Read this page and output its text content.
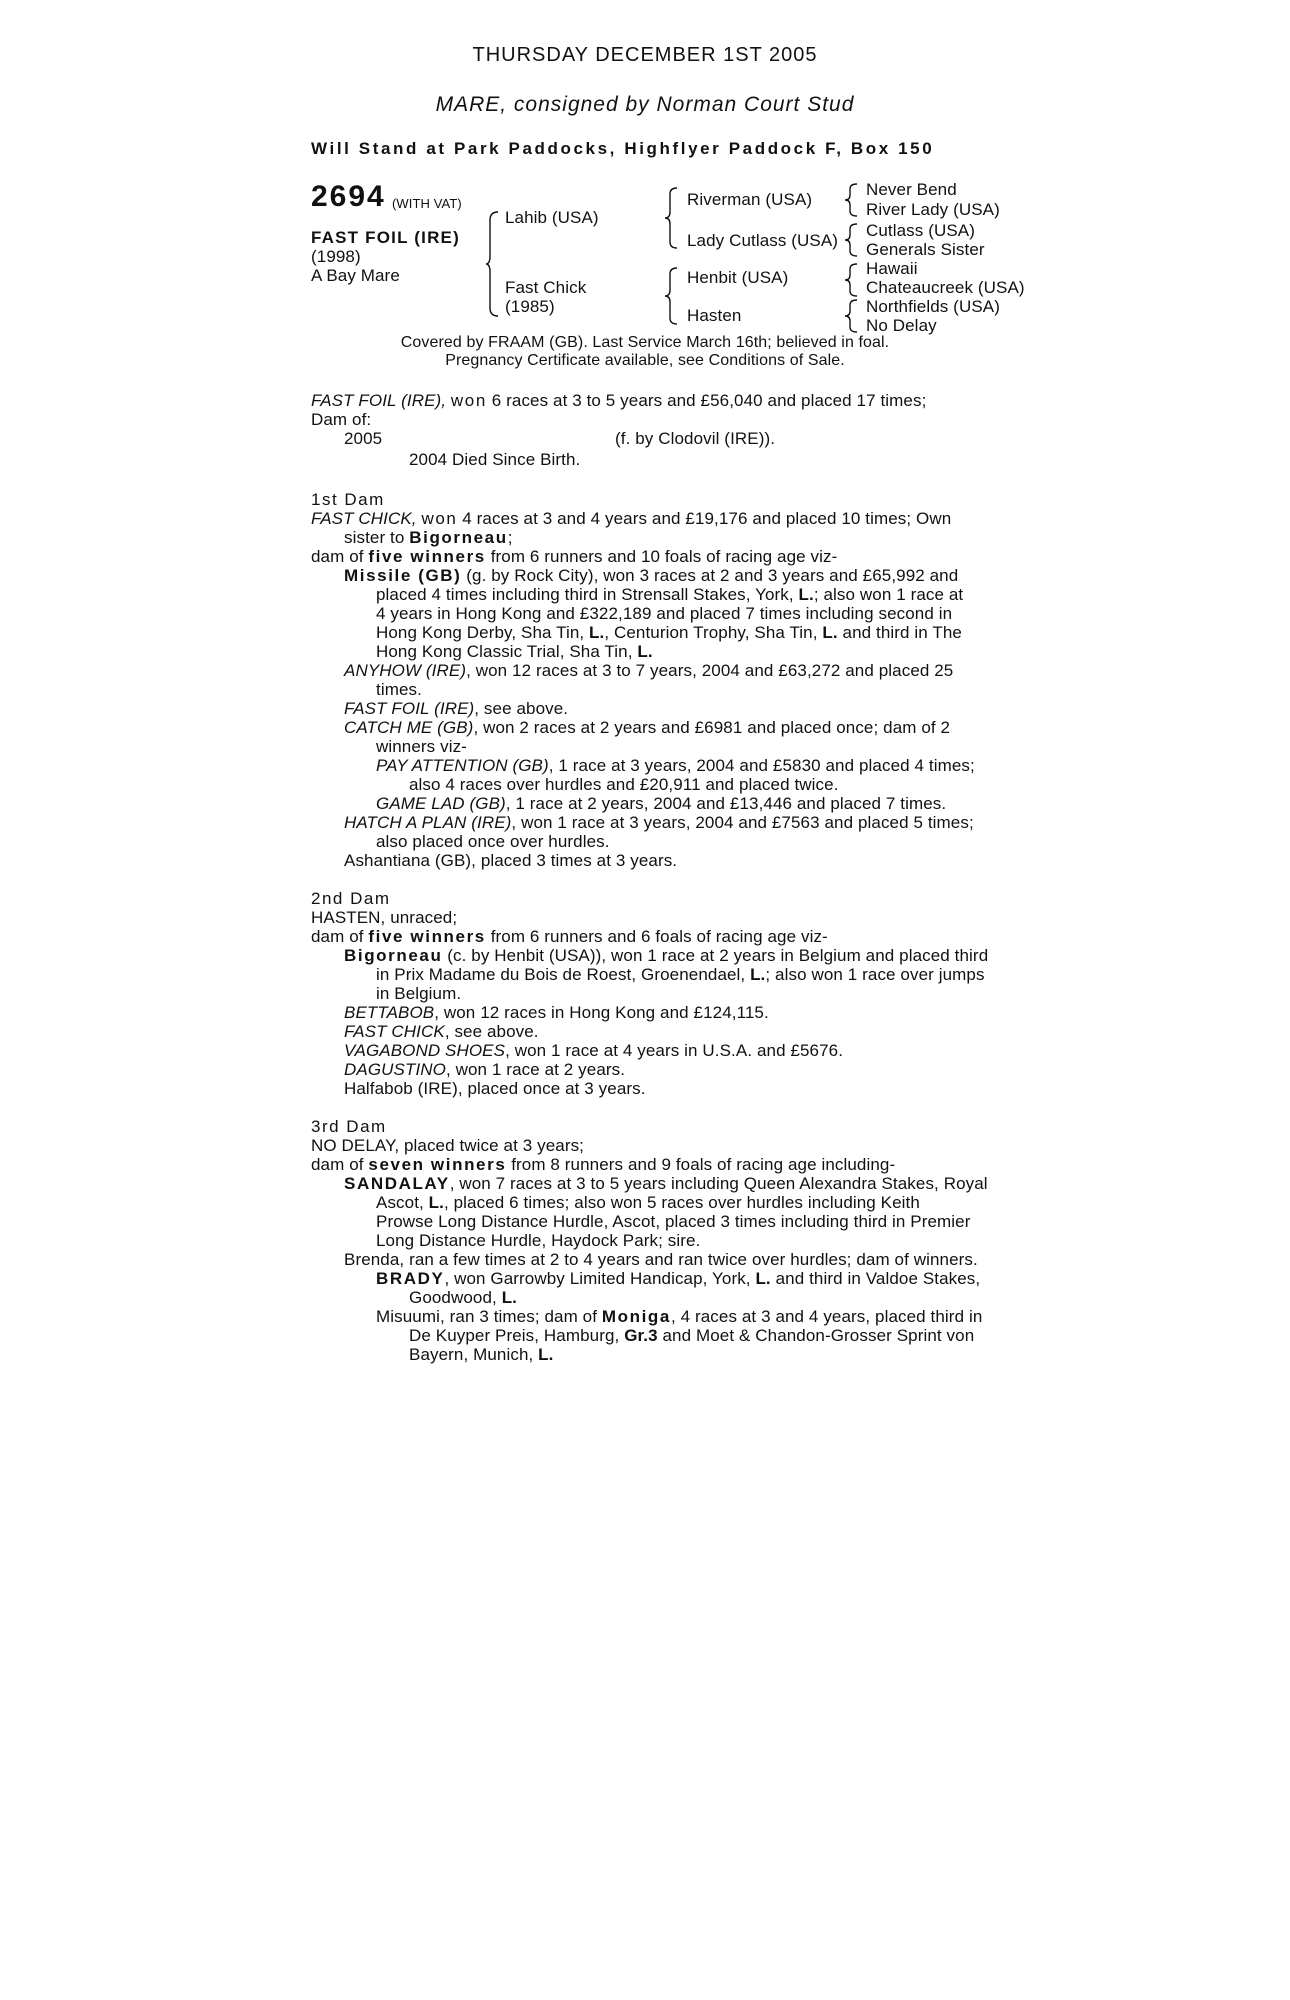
THURSDAY DECEMBER 1ST 2005
MARE, consigned by Norman Court Stud
Will Stand at Park Paddocks, Highflyer Paddock F, Box 150
2694 (WITH VAT)
FAST FOIL (IRE)
(1998)
A Bay Mare
Lahib (USA)
Fast Chick
(1985)
Riverman (USA)
Lady Cutlass (USA)
Henbit (USA)
Hasten
Never Bend
River Lady (USA)
Cutlass (USA)
Generals Sister
Hawaii
Chateaucreek (USA)
Northfields (USA)
No Delay
Covered by FRAAM (GB). Last Service March 16th; believed in foal.
Pregnancy Certificate available, see Conditions of Sale.
FAST FOIL (IRE), won 6 races at 3 to 5 years and £56,040 and placed 17 times;
Dam of:
2005	(f. by Clodovil (IRE)).
2004 Died Since Birth.
1st Dam
FAST CHICK, won 4 races at 3 and 4 years and £19,176 and placed 10 times; Own
sister to Bigorneau;
dam of five winners from 6 runners and 10 foals of racing age viz-
Missile (GB) (g. by Rock City), won 3 races at 2 and 3 years and £65,992 and
placed 4 times including third in Strensall Stakes, York, L.; also won 1 race at
4 years in Hong Kong and £322,189 and placed 7 times including second in
Hong Kong Derby, Sha Tin, L., Centurion Trophy, Sha Tin, L. and third in The
Hong Kong Classic Trial, Sha Tin, L.
ANYHOW (IRE), won 12 races at 3 to 7 years, 2004 and £63,272 and placed 25
times.
FAST FOIL (IRE), see above.
CATCH ME (GB), won 2 races at 2 years and £6981 and placed once; dam of 2
winners viz-
PAY ATTENTION (GB), 1 race at 3 years, 2004 and £5830 and placed 4 times;
also 4 races over hurdles and £20,911 and placed twice.
GAME LAD (GB), 1 race at 2 years, 2004 and £13,446 and placed 7 times.
HATCH A PLAN (IRE), won 1 race at 3 years, 2004 and £7563 and placed 5 times;
also placed once over hurdles.
Ashantiana (GB), placed 3 times at 3 years.
2nd Dam
HASTEN, unraced;
dam of five winners from 6 runners and 6 foals of racing age viz-
Bigorneau (c. by Henbit (USA)), won 1 race at 2 years in Belgium and placed third
in Prix Madame du Bois de Roest, Groenendael, L.; also won 1 race over jumps
in Belgium.
BETTABOB, won 12 races in Hong Kong and £124,115.
FAST CHICK, see above.
VAGABOND SHOES, won 1 race at 4 years in U.S.A. and £5676.
DAGUSTINO, won 1 race at 2 years.
Halfabob (IRE), placed once at 3 years.
3rd Dam
NO DELAY, placed twice at 3 years;
dam of seven winners from 8 runners and 9 foals of racing age including-
SANDALAY, won 7 races at 3 to 5 years including Queen Alexandra Stakes, Royal
Ascot, L., placed 6 times; also won 5 races over hurdles including Keith
Prowse Long Distance Hurdle, Ascot, placed 3 times including third in Premier
Long Distance Hurdle, Haydock Park; sire.
Brenda, ran a few times at 2 to 4 years and ran twice over hurdles; dam of winners.
BRADY, won Garrowby Limited Handicap, York, L. and third in Valdoe Stakes,
Goodwood, L.
Misuumi, ran 3 times; dam of Moniga, 4 races at 3 and 4 years, placed third in
De Kuyper Preis, Hamburg, Gr.3 and Moet & Chandon-Grosser Sprint von
Bayern, Munich, L.
